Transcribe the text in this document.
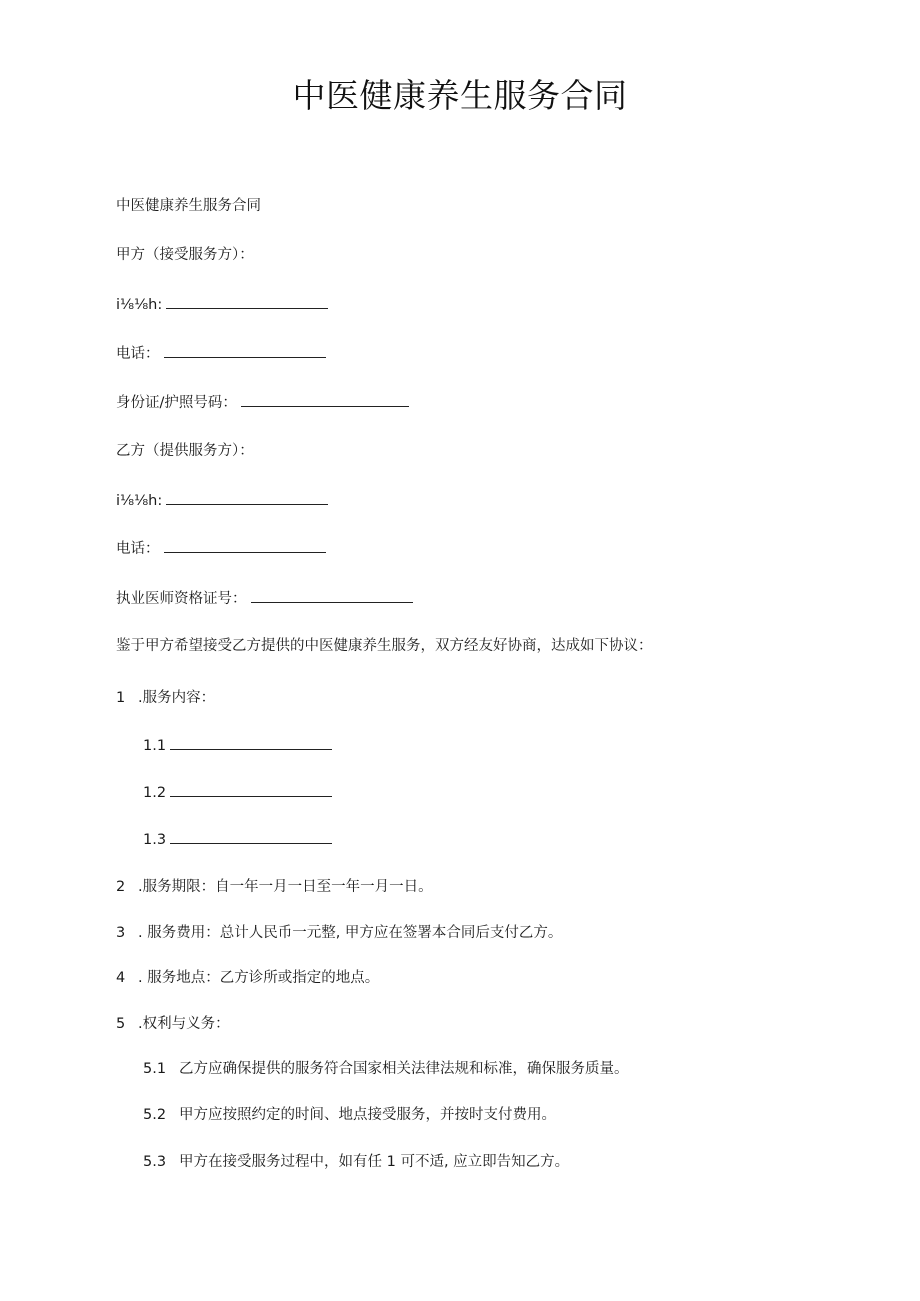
中医健康养生服务合同
中医健康养生服务合同
甲方（接受服务方）：
i⅛⅛h:
电话：
身份证/护照号码：
乙方（提供服务方）：
i⅛⅛h:
电话：
执业医师资格证号：
鉴于甲方希望接受乙方提供的中医健康养生服务，双方经友好协商，达成如下协议：
1 .服务内容：
1.1
1.2
1.3
2 .服务期限：自一年一月一日至一年一月一日。
3 . 服务费用：总计人民币一元整, 甲方应在签署本合同后支付乙方。
4 . 服务地点：乙方诊所或指定的地点。
5 .权利与义务：
5.1 乙方应确保提供的服务符合国家相关法律法规和标准，确保服务质量。
5.2 甲方应按照约定的时间、地点接受服务，并按时支付费用。
5.3 甲方在接受服务过程中，如有任 1 可不适, 应立即告知乙方。
